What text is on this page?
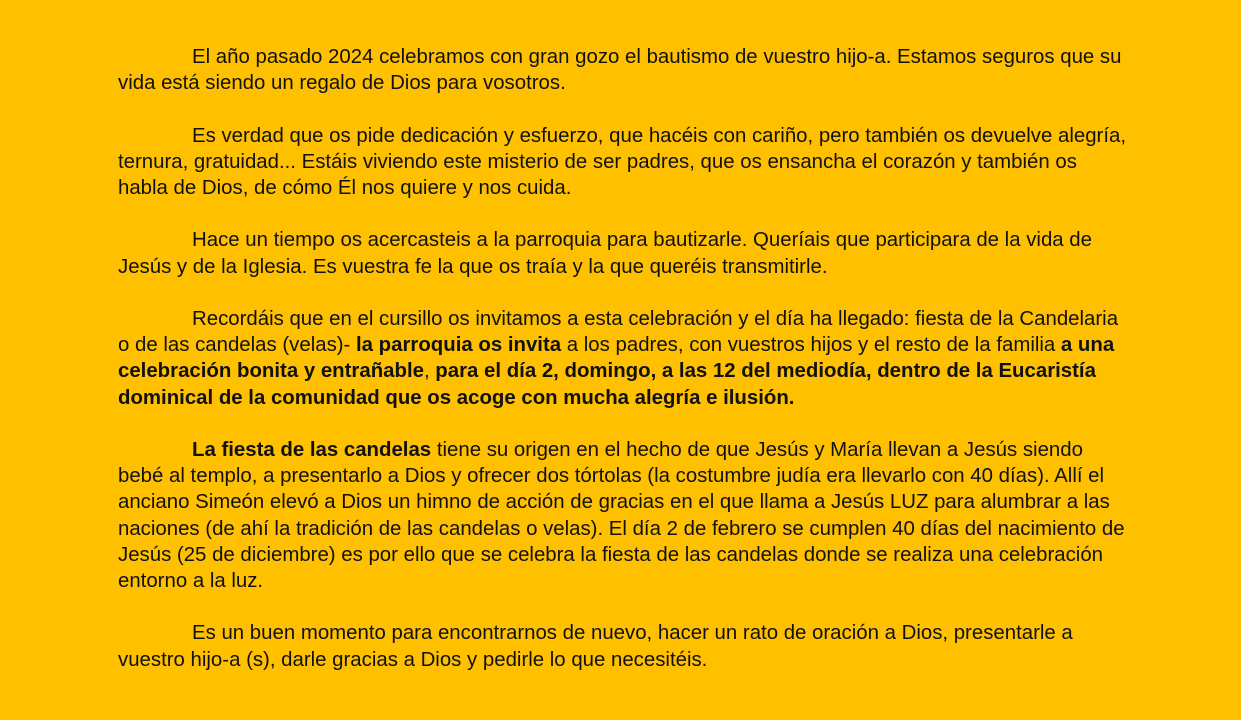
El año pasado 2024 celebramos con gran gozo el bautismo de vuestro hijo-a. Estamos seguros que su vida está siendo un regalo de Dios para vosotros.

Es verdad que os pide dedicación y esfuerzo, que hacéis con cariño, pero también os devuelve alegría, ternura, gratuidad... Estáis viviendo este misterio de ser padres, que os ensancha el corazón y también os habla de Dios, de cómo Él nos quiere y nos cuida.

Hace un tiempo os acercasteis a la parroquia para bautizarle. Queríais que participara de la vida de Jesús y de la Iglesia. Es vuestra fe la que os traía y la que queréis transmitirle.

Recordáis que en el cursillo os invitamos a esta celebración y el día ha llegado: fiesta de la Candelaria o de las candelas (velas)- la parroquia os invita a los padres, con vuestros hijos y el resto de la familia a una celebración bonita y entrañable, para el día 2, domingo, a las 12 del mediodía, dentro de la Eucaristía dominical de la comunidad que os acoge con mucha alegría e ilusión.

La fiesta de las candelas tiene su origen en el hecho de que Jesús y María llevan a Jesús siendo bebé al templo, a presentarlo a Dios y ofrecer dos tórtolas (la costumbre judía era llevarlo con 40 días). Allí el anciano Simeón elevó a Dios un himno de acción de gracias en el que llama a Jesús LUZ para alumbrar a las naciones (de ahí la tradición de las candelas o velas). El día 2 de febrero se cumplen 40 días del nacimiento de Jesús (25 de diciembre) es por ello que se celebra la fiesta de las candelas donde se realiza una celebración entorno a la luz.

Es un buen momento para encontrarnos de nuevo, hacer un rato de oración a Dios, presentarle a vuestro hijo-a (s), darle gracias a Dios y pedirle lo que necesitéis.
